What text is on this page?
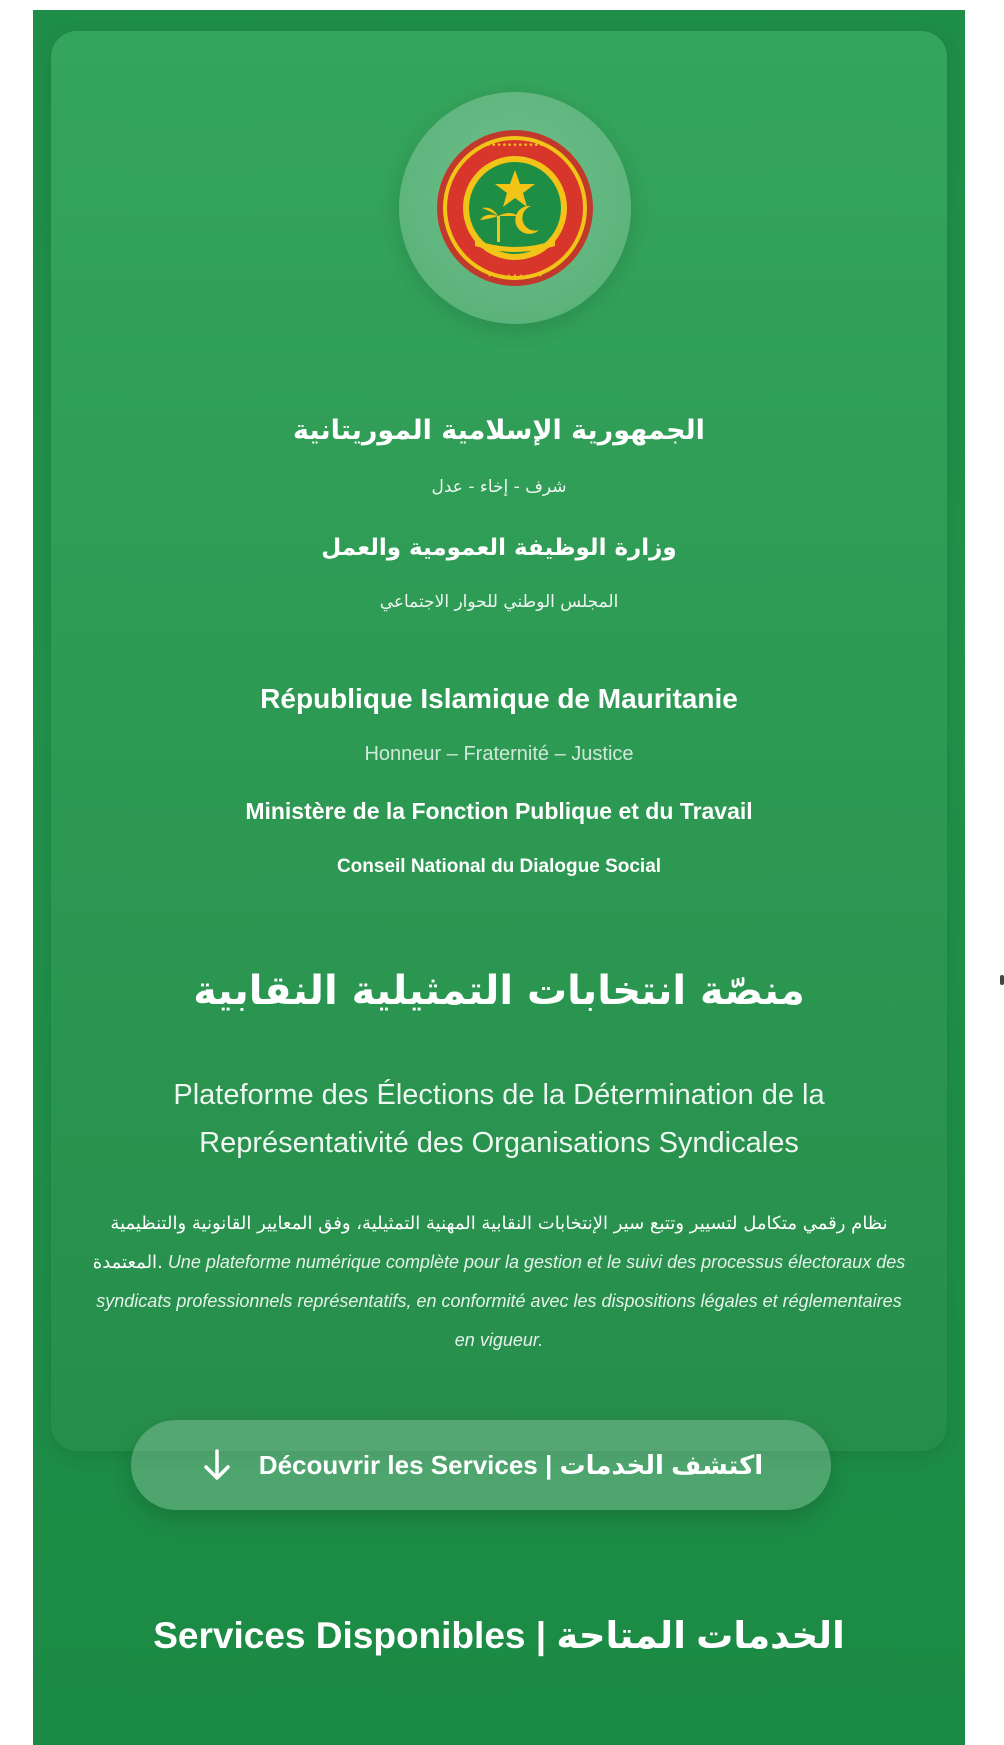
•••••••••••
• • • • • • • • •

الجمهورية الإسلامية الموريتانية

شرف - إخاء - عدل

وزارة الوظيفة العمومية والعمل

المجلس الوطني للحوار الاجتماعي

République Islamique de Mauritanie

Honneur – Fraternité – Justice

Ministère de la Fonction Publique et du Travail

Conseil National du Dialogue Social

منصّة انتخابات التمثيلية النقابية

Plateforme des Élections de la Détermination de la Représentativité des Organisations Syndicales

نظام رقمي متكامل لتسيير وتتبع سير الإنتخابات النقابية المهنية التمثيلية، وفق المعايير القانونية والتنظيمية المعتمدة. Une plateforme numérique complète pour la gestion et le suivi des processus électoraux des syndicats professionnels représentatifs, en conformité avec les dispositions légales et réglementaires en vigueur.

Découvrir les Services | اكتشف الخدمات
Services Disponibles | الخدمات المتاحة
